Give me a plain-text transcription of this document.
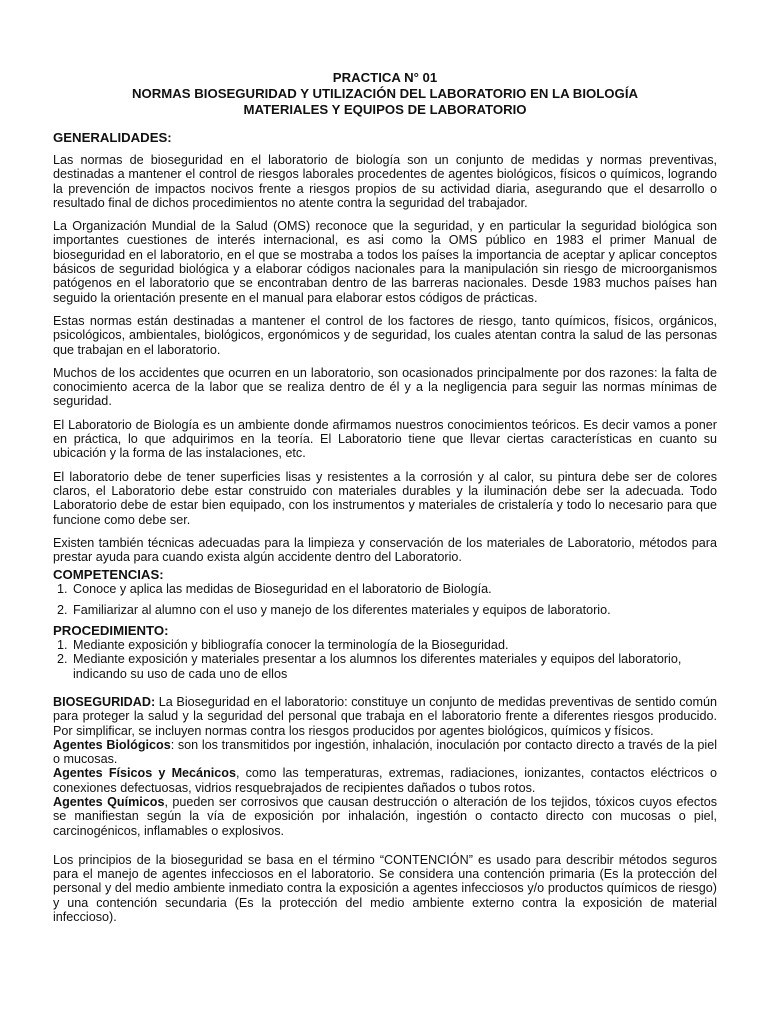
PRACTICA N° 01
NORMAS BIOSEGURIDAD Y UTILIZACIÓN DEL LABORATORIO EN LA BIOLOGÍA
MATERIALES Y EQUIPOS DE LABORATORIO
GENERALIDADES:

Las normas de bioseguridad en el laboratorio de biología son un conjunto de medidas y normas preventivas, destinadas a mantener el control de riesgos laborales procedentes de agentes biológicos, físicos o químicos, logrando la prevención de impactos nocivos frente a riesgos propios de su actividad diaria, asegurando que el desarrollo o resultado final de dichos procedimientos no atente contra la seguridad del trabajador.

La Organización Mundial de la Salud (OMS) reconoce que la seguridad, y en particular la seguridad biológica son importantes cuestiones de interés internacional, es asi como la OMS público en 1983 el primer Manual de bioseguridad en el laboratorio, en el que se mostraba a todos los países la importancia de aceptar y aplicar conceptos básicos de seguridad biológica y a elaborar códigos nacionales para la manipulación sin riesgo de microorganismos patógenos en el laboratorio que se encontraban dentro de las barreras nacionales. Desde 1983 muchos países han seguido la orientación presente en el manual para elaborar estos códigos de prácticas.

Estas normas están destinadas a mantener el control de los factores de riesgo, tanto químicos, físicos, orgánicos, psicológicos, ambientales, biológicos, ergonómicos y de seguridad, los cuales atentan contra la salud de las personas que trabajan en el laboratorio.

Muchos de los accidentes que ocurren en un laboratorio, son ocasionados principalmente por dos razones: la falta de conocimiento acerca de la labor que se realiza dentro de él y a la negligencia para seguir las normas mínimas de seguridad.

El Laboratorio de Biología es un ambiente donde afirmamos nuestros conocimientos teóricos. Es decir vamos a poner en práctica, lo que adquirimos en la teoría. El Laboratorio tiene que llevar ciertas características en cuanto su ubicación y la forma de las instalaciones, etc.

El laboratorio debe de tener superficies lisas y resistentes a la corrosión y al calor, su pintura debe ser de colores claros, el Laboratorio debe estar construido con materiales durables y la iluminación debe ser la adecuada. Todo Laboratorio debe de estar bien equipado, con los instrumentos y materiales de cristalería y todo lo necesario para que funcione como debe ser.

Existen también técnicas adecuadas para la limpieza y conservación de los materiales de Laboratorio, métodos para prestar ayuda para cuando exista algún accidente dentro del Laboratorio.

COMPETENCIAS:
1. Conoce y aplica las medidas de Bioseguridad en el laboratorio de Biología.
2. Familiarizar al alumno con el uso y manejo de los diferentes materiales y equipos de laboratorio.
PROCEDIMIENTO:
1. Mediante exposición y bibliografía conocer la terminología de la Bioseguridad.
2. Mediante exposición y materiales presentar a los alumnos los diferentes materiales y equipos del laboratorio, indicando su uso de cada uno de ellos

BIOSEGURIDAD: La Bioseguridad en el laboratorio: constituye un conjunto de medidas preventivas de sentido común para proteger la salud y la seguridad del personal que trabaja en el laboratorio frente a diferentes riesgos producido. Por simplificar, se incluyen normas contra los riesgos producidos por agentes biológicos, químicos y físicos.

Agentes Biológicos: son los transmitidos por ingestión, inhalación, inoculación por contacto directo a través de la piel o mucosas.

Agentes Físicos y Mecánicos, como las temperaturas, extremas, radiaciones, ionizantes, contactos eléctricos o conexiones defectuosas, vidrios resquebrajados de recipientes dañados o tubos rotos.

Agentes Químicos, pueden ser corrosivos que causan destrucción o alteración de los tejidos, tóxicos cuyos efectos se manifiestan según la vía de exposición por inhalación, ingestión o contacto directo con mucosas o piel, carcinogénicos, inflamables o explosivos.

Los principios de la bioseguridad se basa en el término “CONTENCIÓN” es usado para describir métodos seguros para el manejo de agentes infecciosos en el laboratorio. Se considera una contención primaria (Es la protección del personal y del medio ambiente inmediato contra la exposición a agentes infecciosos y/o productos químicos de riesgo) y una contención secundaria (Es la protección del medio ambiente externo contra la exposición de material infeccioso).
